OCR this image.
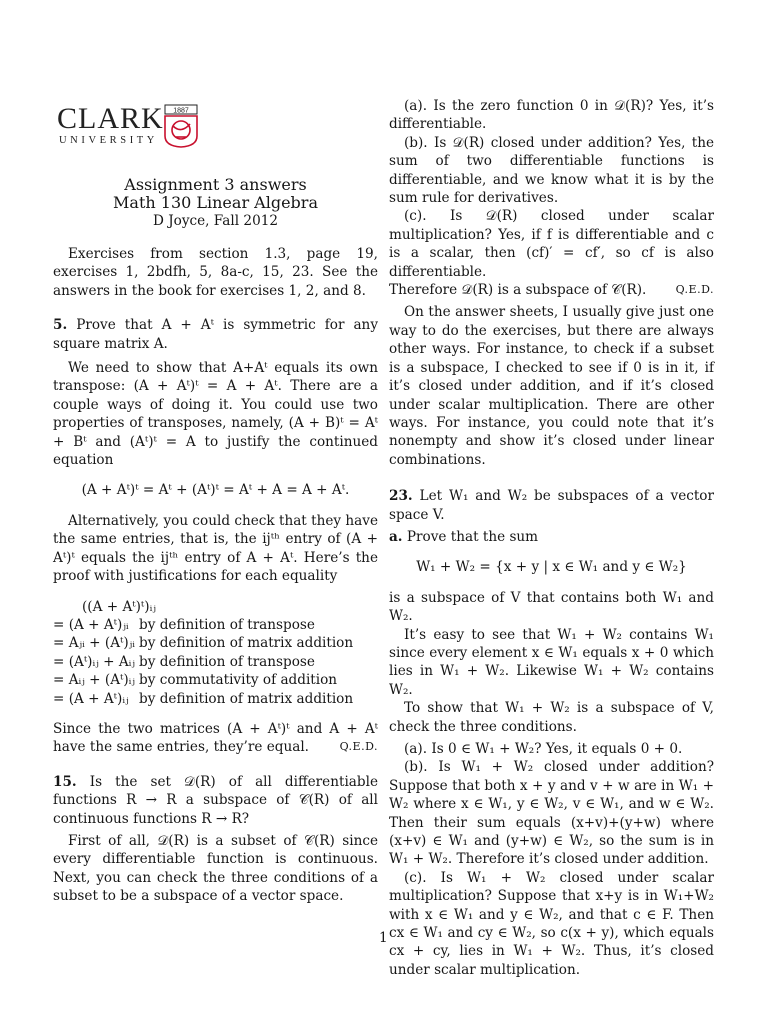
CLARK
UNIVERSITY
1887
Assignment 3 answers
Math 130 Linear Algebra
D Joyce, Fall 2012

Exercises from section 1.3, page 19, exercises 1, 2bdfh, 5, 8a-c, 15, 23. See the answers in the book for exercises 1, 2, and 8.

5. Prove that A + Aᵗ is symmetric for any square matrix A.

We need to show that A+Aᵗ equals its own transpose: (A + Aᵗ)ᵗ = A + Aᵗ. There are a couple ways of doing it. You could use two properties of transposes, namely, (A + B)ᵗ = Aᵗ + Bᵗ and (Aᵗ)ᵗ = A to justify the continued equation

(A + Aᵗ)ᵗ = Aᵗ + (Aᵗ)ᵗ = Aᵗ + A = A + Aᵗ.

Alternatively, you could check that they have the same entries, that is, the ijᵗʰ entry of (A + Aᵗ)ᵗ equals the ijᵗʰ entry of A + Aᵗ. Here’s the proof with justifications for each equality

((A + Aᵗ)ᵗ)ᵢⱼ	
= (A + Aᵗ)ⱼᵢ	by definition of transpose
= Aⱼᵢ + (Aᵗ)ⱼᵢ	by definition of matrix addition
= (Aᵗ)ᵢⱼ + Aᵢⱼ	by definition of transpose
= Aᵢⱼ + (Aᵗ)ᵢⱼ	by commutativity of addition
= (A + Aᵗ)ᵢⱼ	by definition of matrix addition

Since the two matrices (A + Aᵗ)ᵗ and A + Aᵗ have the same entries, they’re equal.	Q.E.D.

15. Is the set 𝒟(R) of all differentiable functions R → R a subspace of 𝒞(R) of all continuous functions R → R?

First of all, 𝒟(R) is a subset of 𝒞(R) since every differentiable function is continuous. Next, you can check the three conditions of a subset to be a subspace of a vector space.

(a). Is the zero function 0 in 𝒟(R)? Yes, it’s differentiable.

(b). Is 𝒟(R) closed under addition? Yes, the sum of two differentiable functions is differentiable, and we know what it is by the sum rule for derivatives.

(c). Is 𝒟(R) closed under scalar multiplication? Yes, if f is differentiable and c is a scalar, then (cf)′ = cf′, so cf is also differentiable.

Therefore 𝒟(R) is a subspace of 𝒞(R).	Q.E.D.

On the answer sheets, I usually give just one way to do the exercises, but there are always other ways. For instance, to check if a subset is a subspace, I checked to see if 0 is in it, if it’s closed under addition, and if it’s closed under scalar multiplication. There are other ways. For instance, you could note that it’s nonempty and show it’s closed under linear combinations.

23. Let W₁ and W₂ be subspaces of a vector space V.

a. Prove that the sum

W₁ + W₂ = {x + y | x ∈ W₁ and y ∈ W₂}

is a subspace of V that contains both W₁ and W₂.

It’s easy to see that W₁ + W₂ contains W₁ since every element x ∈ W₁ equals x + 0 which lies in W₁ + W₂. Likewise W₁ + W₂ contains W₂.

To show that W₁ + W₂ is a subspace of V, check the three conditions.

(a). Is 0 ∈ W₁ + W₂? Yes, it equals 0 + 0.

(b). Is W₁ + W₂ closed under addition? Suppose that both x + y and v + w are in W₁ + W₂ where x ∈ W₁, y ∈ W₂, v ∈ W₁, and w ∈ W₂. Then their sum equals (x+v)+(y+w) where (x+v) ∈ W₁ and (y+w) ∈ W₂, so the sum is in W₁ + W₂. Therefore it’s closed under addition.

(c). Is W₁ + W₂ closed under scalar multiplication? Suppose that x+y is in W₁+W₂ with x ∈ W₁ and y ∈ W₂, and that c ∈ F. Then cx ∈ W₁ and cy ∈ W₂, so c(x + y), which equals cx + cy, lies in W₁ + W₂. Thus, it’s closed under scalar multiplication.

1
